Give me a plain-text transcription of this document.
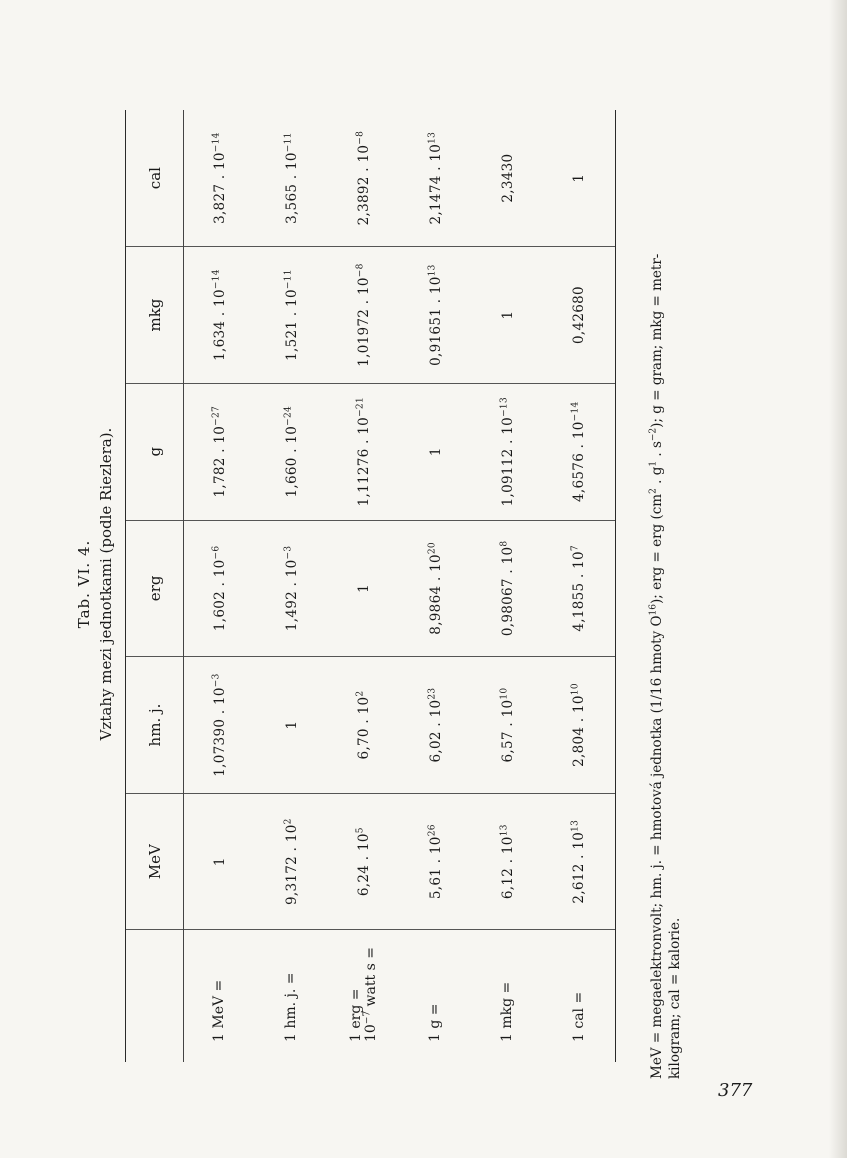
Tab. VI. 4. Vztahy mezi jednotkami (podle Riezlera).
	MeV	hm. j.	erg	g	mkg	cal

1 MeV =	1	1,07390 . $10^{-3}$	1,602 . $10^{-6}$	1,782 . $10^{-27}$	1,634 . $10^{-14}$	3,827 . $10^{-14}$

1 hm. j. =	9,3172 . $10^2$	1	1,492 . $10^{-3}$	1,660 . $10^{-24}$	1,521 . $10^{-11}$	3,565 . $10^{-11}$

1 erg = $10^{-7}$ watt s =	6,24 . $10^5$	6,70 . $10^2$	1	1,11276 . $10^{-21}$	1,01972 . $10^{-8}$	2,3892 . $10^{-8}$

1 g =	5,61 . $10^{26}$	6,02 . $10^{23}$	8,9864 . $10^{20}$	1	0,91651 . $10^{13}$	2,1474 . $10^{13}$

1 mkg =	6,12 . $10^{13}$	6,57 . $10^{10}$	0,98067 . $10^8$	1,09112 . $10^{-13}$	1	2,3430

1 cal =	2,612 . $10^{13}$	2,804 . $10^{10}$	4,1855 . $10^7$	4,6576 . $10^{-14}$	0,42680	1
MeV = megaelektronvolt; hm. j. = hmotová jednotka (1/16 hmoty $O^{16}$); erg = erg ($cm^2$ . $g^1$ . $s^{-2}$); g = gram; mkg = metr-
kilogram; cal = kalorie.
377
